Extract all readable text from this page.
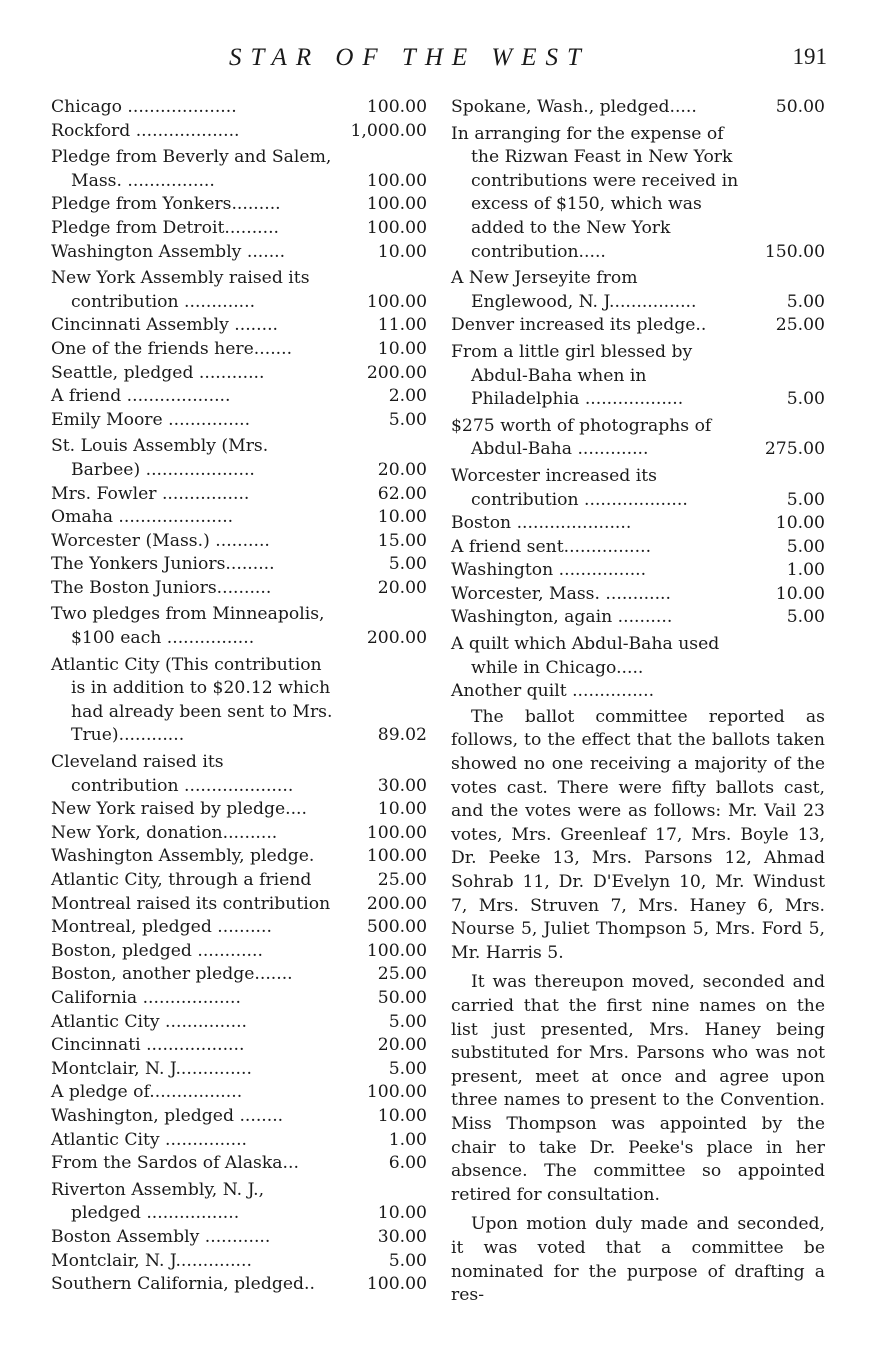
STAR OF THE WEST	191
Chicago ....................	100.00
Rockford ...................	1,000.00
Pledge from Beverly and Salem, Mass. ................	100.00
Pledge from Yonkers.........	100.00
Pledge from Detroit..........	100.00
Washington Assembly .......	10.00
New York Assembly raised its contribution .............	100.00
Cincinnati Assembly ........	11.00
One of the friends here.......	10.00
Seattle, pledged ............	200.00
A friend ...................	2.00
Emily Moore ...............	5.00
St. Louis Assembly (Mrs. Barbee) ....................	20.00
Mrs. Fowler ................	62.00
Omaha .....................	10.00
Worcester (Mass.) ..........	15.00
The Yonkers Juniors.........	5.00
The Boston Juniors..........	20.00
Two pledges from Minneapolis, $100 each ................	200.00
Atlantic City (This contribution is in addition to $20.12 which had already been sent to Mrs. True)............	89.02
Cleveland raised its contribution ....................	30.00
New York raised by pledge....	10.00
New York, donation..........	100.00
Washington Assembly, pledge.	100.00
Atlantic City, through a friend	25.00
Montreal raised its contribution	200.00
Montreal, pledged ..........	500.00
Boston, pledged ............	100.00
Boston, another pledge.......	25.00
California ..................	50.00
Atlantic City ...............	5.00
Cincinnati ..................	20.00
Montclair, N. J..............	5.00
A pledge of.................	100.00
Washington, pledged ........	10.00
Atlantic City ...............	1.00
From the Sardos of Alaska...	6.00
Riverton Assembly, N. J., pledged .................	10.00
Boston Assembly ............	30.00
Montclair, N. J..............	5.00
Southern California, pledged..	100.00
Spokane, Wash., pledged.....	50.00
In arranging for the expense of the Rizwan Feast in New York contributions were received in excess of $150, which was added to the New York contribution.....	150.00
A New Jerseyite from Englewood, N. J................	5.00
Denver increased its pledge..	25.00
From a little girl blessed by Abdul-Baha when in Philadelphia ..................	5.00
$275 worth of photographs of Abdul-Baha .............	275.00
Worcester increased its contribution ...................	5.00
Boston .....................	10.00
A friend sent................	5.00
Washington ................	1.00
Worcester, Mass. ............	10.00
Washington, again ..........	5.00
A quilt which Abdul-Baha used while in Chicago.....
Another quilt ...............

The ballot committee reported as follows, to the effect that the ballots taken showed no one receiving a majority of the votes cast. There were fifty ballots cast, and the votes were as follows: Mr. Vail 23 votes, Mrs. Greenleaf 17, Mrs. Boyle 13, Dr. Peeke 13, Mrs. Parsons 12, Ahmad Sohrab 11, Dr. D'Evelyn 10, Mr. Windust 7, Mrs. Struven 7, Mrs. Haney 6, Mrs. Nourse 5, Juliet Thompson 5, Mrs. Ford 5, Mr. Harris 5.

It was thereupon moved, seconded and carried that the first nine names on the list just presented, Mrs. Haney being substituted for Mrs. Parsons who was not present, meet at once and agree upon three names to present to the Convention. Miss Thompson was appointed by the chair to take Dr. Peeke's place in her absence. The committee so appointed retired for consultation.

Upon motion duly made and seconded, it was voted that a committee be nominated for the purpose of drafting a res-
